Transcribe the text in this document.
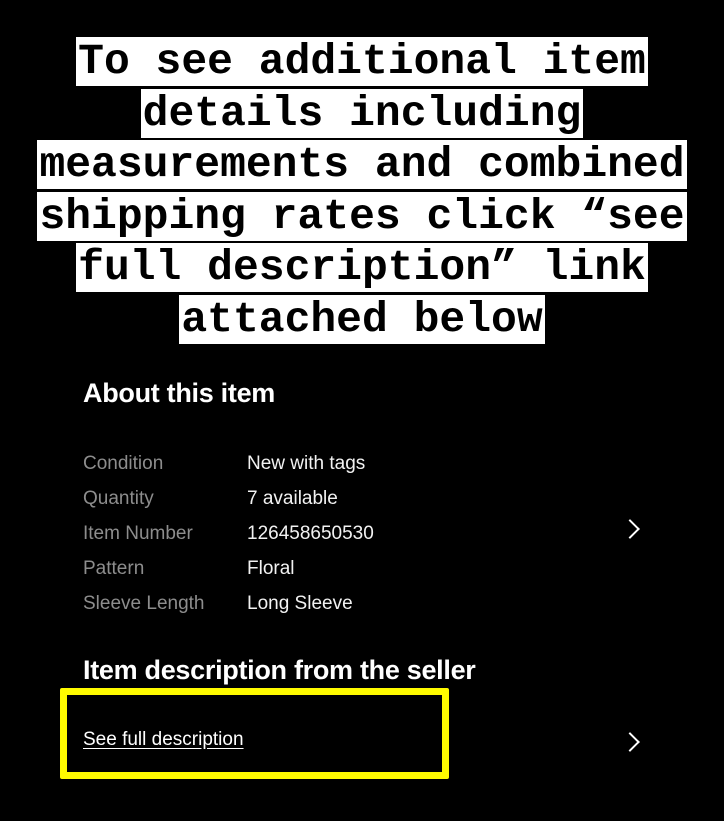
To see additional item
details including
measurements and combined
shipping rates click “see
full description” link
attached below
About this item
Condition	New with tags
Quantity	7 available
Item Number	126458650530
Pattern	Floral
Sleeve Length	Long Sleeve
Item description from the seller
See full description
